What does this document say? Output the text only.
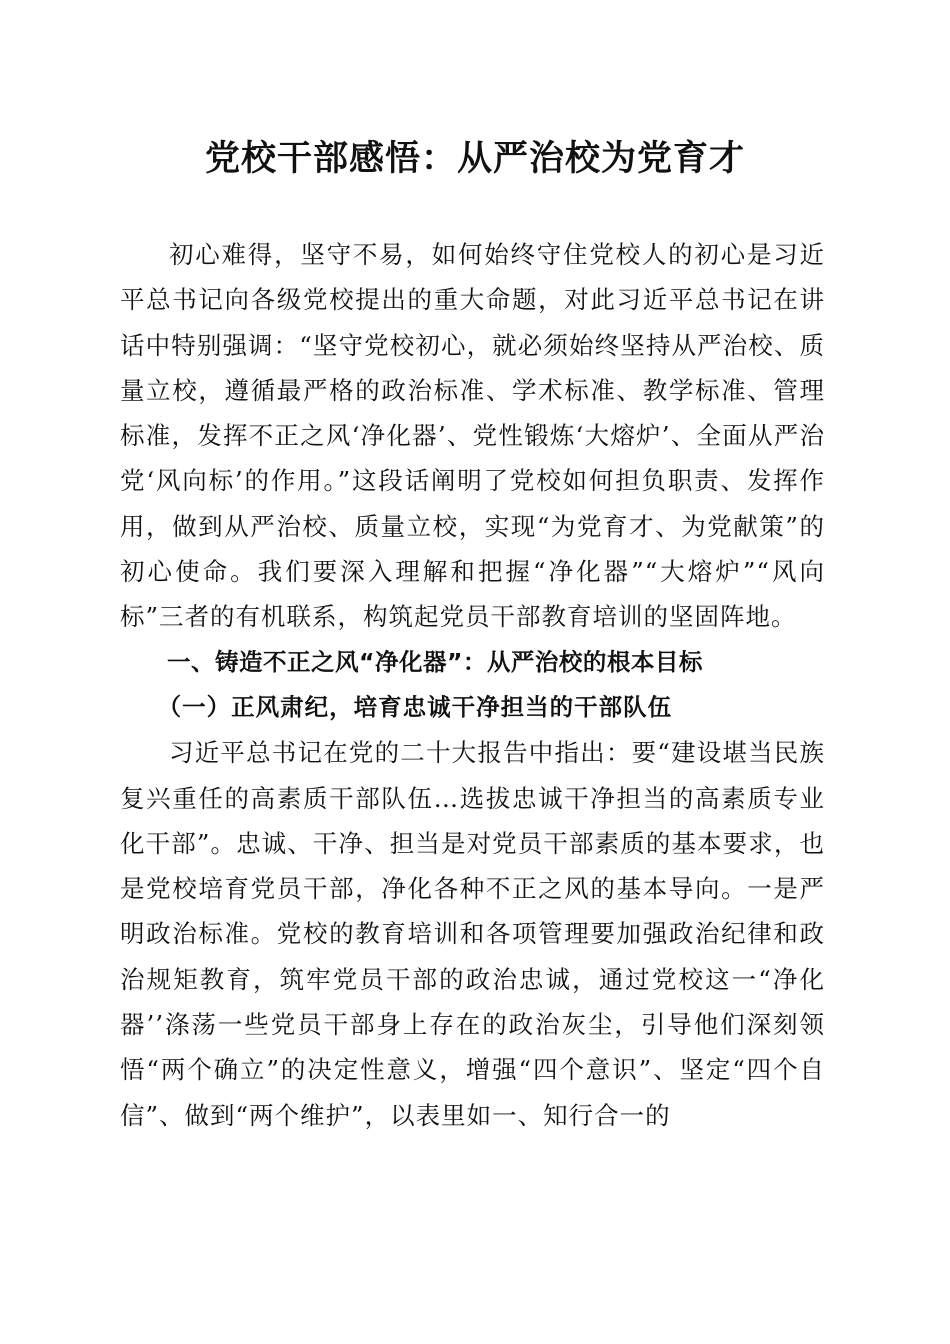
党校干部感悟：从严治校为党育才

初心难得，坚守不易，如何始终守住党校人的初心是习近平总书记向各级党校提出的重大命题，对此习近平总书记在讲话中特别强调：“坚守党校初心，就必须始终坚持从严治校、质量立校，遵循最严格的政治标准、学术标准、教学标准、管理标准，发挥不正之风‘净化器’、党性锻炼‘大熔炉’、全面从严治党‘风向标’的作用。”这段话阐明了党校如何担负职责、发挥作用，做到从严治校、质量立校，实现“为党育才、为党献策”的初心使命。我们要深入理解和把握“净化器”“大熔炉”“风向标”三者的有机联系，构筑起党员干部教育培训的坚固阵地。

一、铸造不正之风“净化器”：从严治校的根本目标

（一）正风肃纪，培育忠诚干净担当的干部队伍

习近平总书记在党的二十大报告中指出：要“建设堪当民族复兴重任的高素质干部队伍…选拔忠诚干净担当的高素质专业化干部”。忠诚、干净、担当是对党员干部素质的基本要求，也是党校培育党员干部，净化各种不正之风的基本导向。一是严明政治标准。党校的教育培训和各项管理要加强政治纪律和政治规矩教育，筑牢党员干部的政治忠诚，通过党校这一“净化器’’涤荡一些党员干部身上存在的政治灰尘，引导他们深刻领悟“两个确立”的决定性意义，增强“四个意识”、坚定“四个自信”、做到“两个维护”，以表里如一、知行合一的
